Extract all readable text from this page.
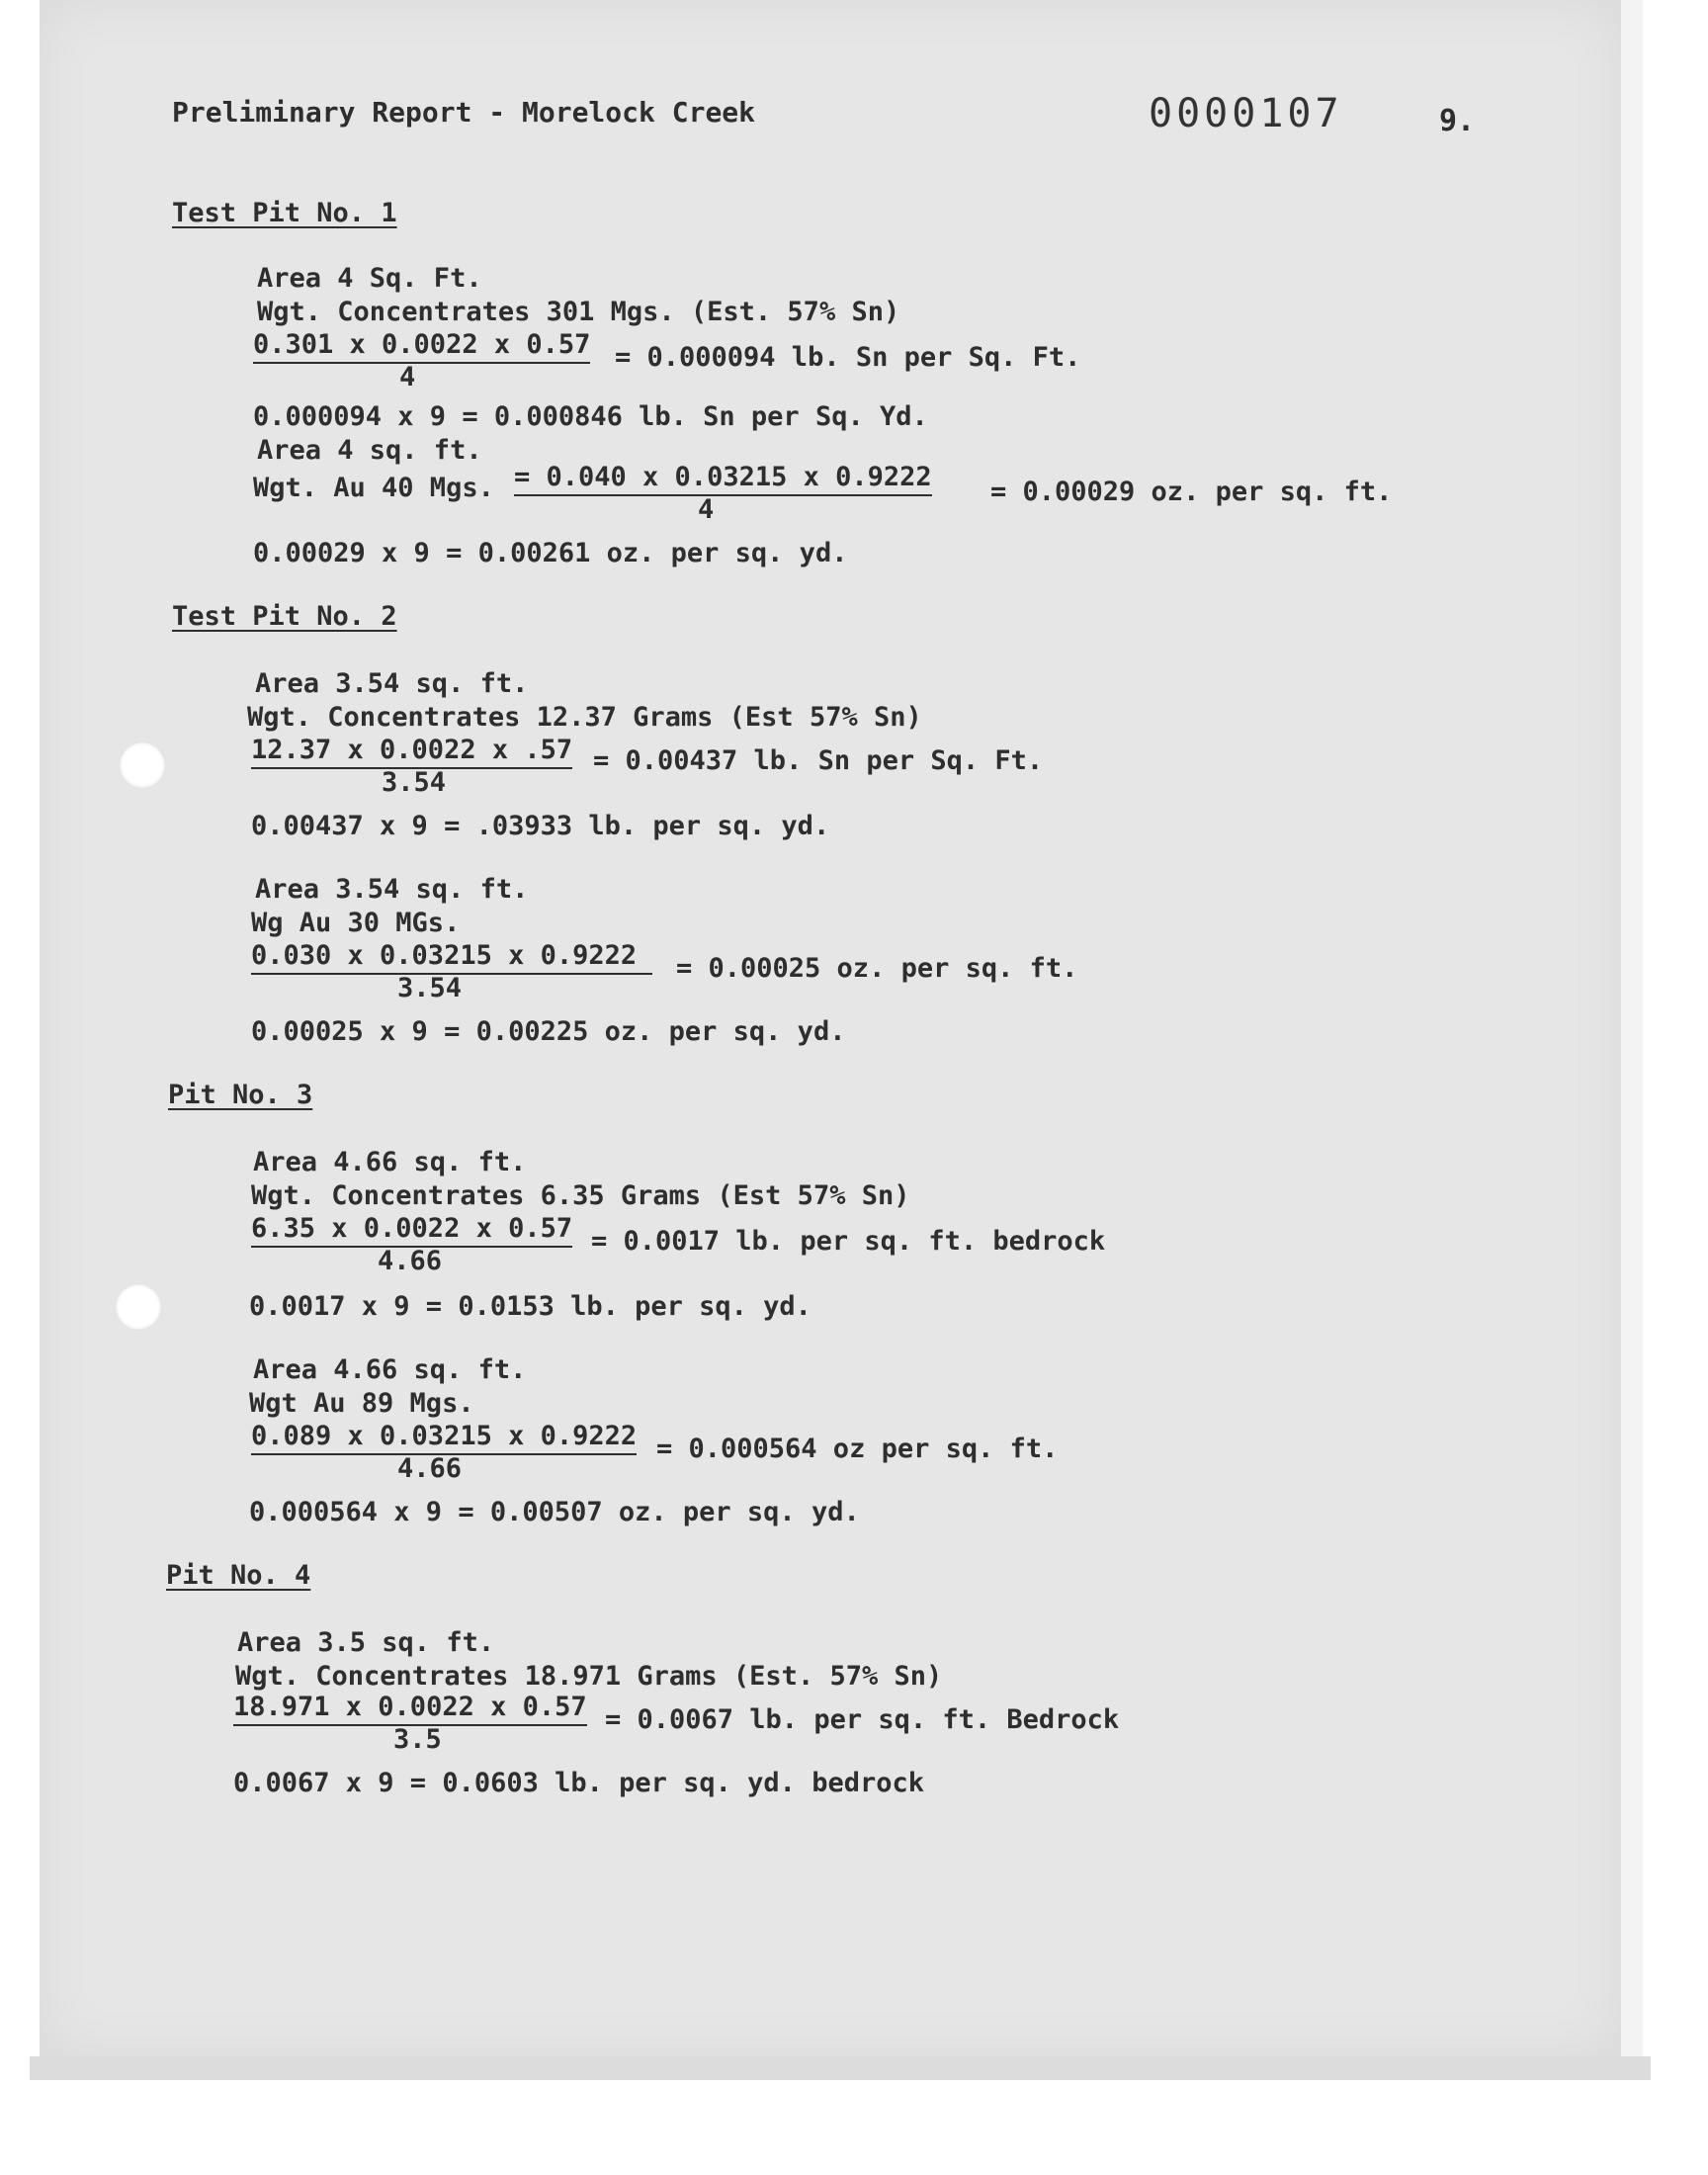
Preliminary Report - Morelock Creek	0000107	9.
Test Pit No. 1
Area 4 Sq. Ft.
Wgt. Concentrates 301 Mgs. (Est. 57% Sn)
$\frac{0.301 x 0.0022 x 0.57}{4} = 0.000094$ lb. Sn per Sq. Ft.
0.000094 x 9 = 0.000846 lb. Sn per Sq. Yd.
Area 4 sq. ft.
Wgt. Au 40 Mgs. $\frac{= 0.040 x 0.03215 x 0.9222}{4} = 0.00029$ oz. per sq. ft.
0.00029 x 9 = 0.00261 oz. per sq. yd.
Test Pit No. 2
Area 3.54 sq. ft.
Wgt. Concentrates 12.37 Grams (Est 57% Sn)
$\frac{12.37 x 0.0022 x .57}{3.54} = 0.00437$ lb. Sn per Sq. Ft.
0.00437 x 9 = .03933 lb. per sq. yd.
Area 3.54 sq. ft.
Wg Au 30 MGs.
$\frac{0.030 x 0.03215 x 0.9222}{3.54} = 0.00025$ oz. per sq. ft.
0.00025 x 9 = 0.00225 oz. per sq. yd.
Pit No. 3
Area 4.66 sq. ft.
Wgt. Concentrates 6.35 Grams (Est 57% Sn)
$\frac{6.35 x 0.0022 x 0.57}{4.66} = 0.0017$ lb. per sq. ft. bedrock
0.0017 x 9 = 0.0153 lb. per sq. yd.
Area 4.66 sq. ft.
Wgt Au 89 Mgs.
$\frac{0.089 x 0.03215 x 0.9222}{4.66} = 0.000564$ oz per sq. ft.
0.000564 x 9 = 0.00507 oz. per sq. yd.
Pit No. 4
Area 3.5 sq. ft.
Wgt. Concentrates 18.971 Grams (Est. 57% Sn)
$\frac{18.971 x 0.0022 x 0.57}{3.5} = 0.0067$ lb. per sq. ft. Bedrock
0.0067 x 9 = 0.0603 lb. per sq. yd. bedrock
